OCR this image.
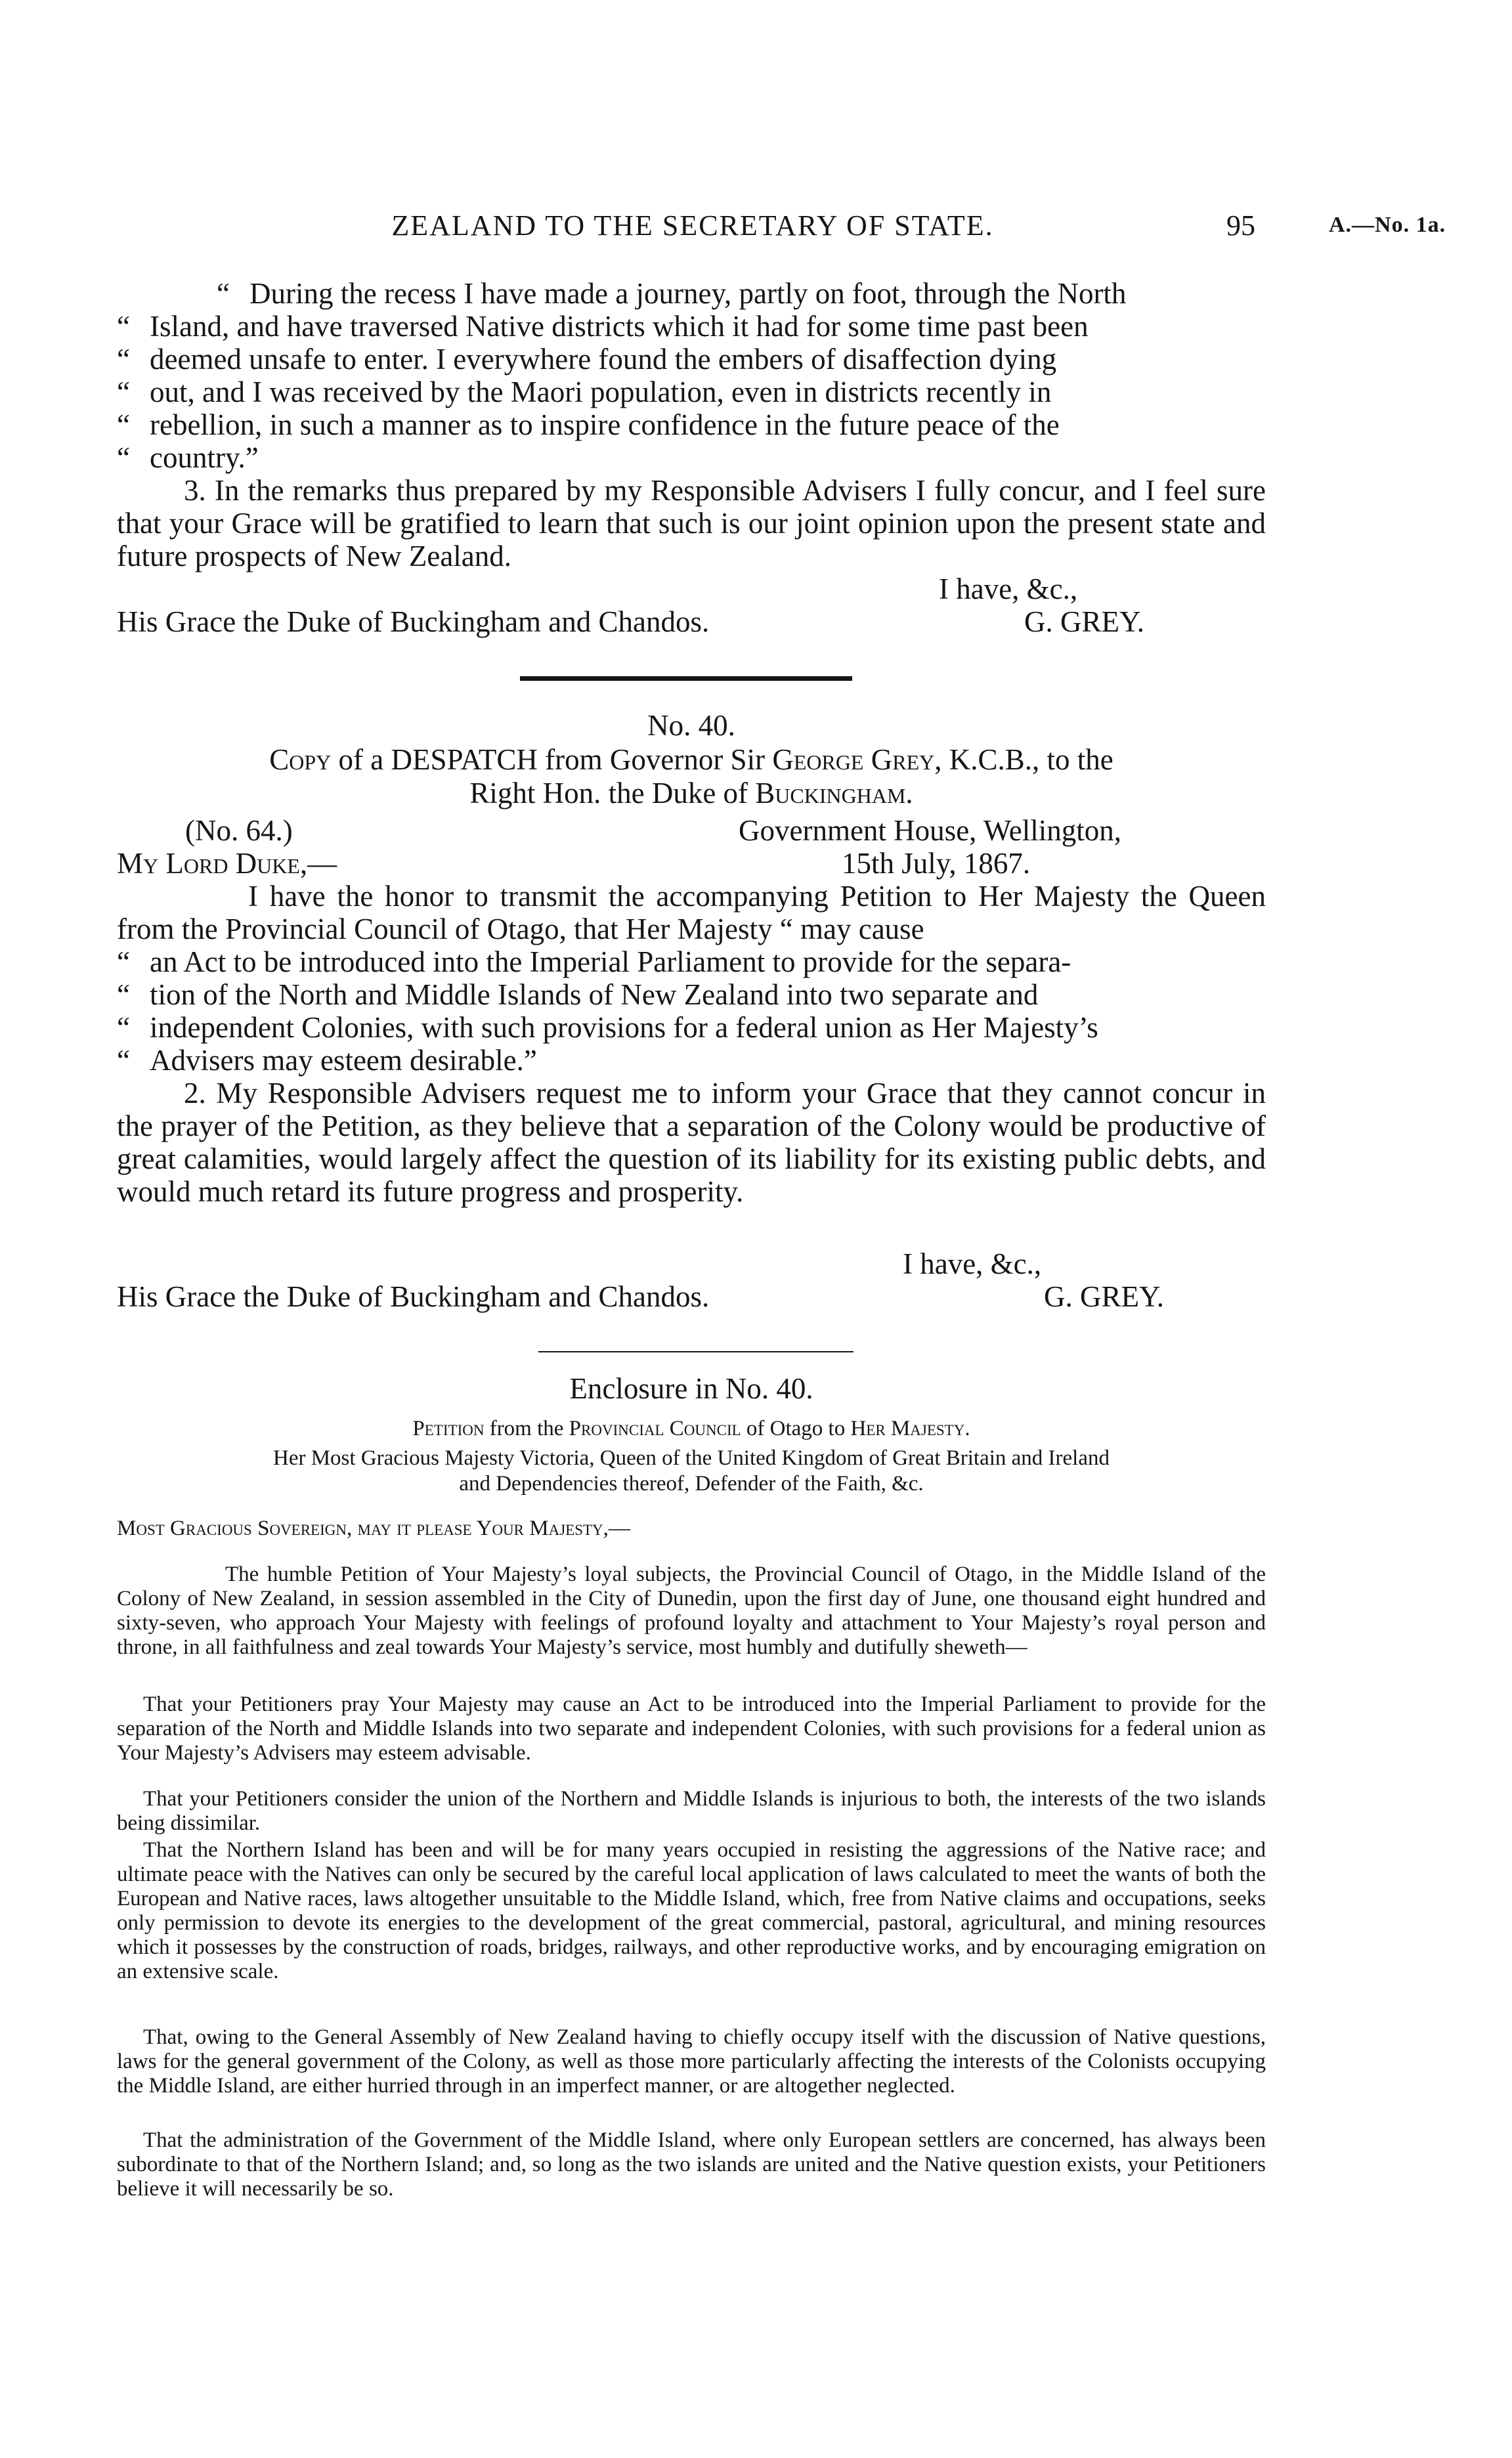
ZEALAND TO THE SECRETARY OF STATE.	95	A.—No. 1a.
“ During the recess I have made a journey, partly on foot, through the North
“ Island, and have traversed Native districts which it had for some time past been
“ deemed unsafe to enter. I everywhere found the embers of disaffection dying
“ out, and I was received by the Maori population, even in districts recently in
“ rebellion, in such a manner as to inspire confidence in the future peace of the
“ country.”

3. In the remarks thus prepared by my Responsible Advisers I fully concur, and I feel sure that your Grace will be gratified to learn that such is our joint opinion upon the present state and future prospects of New Zealand.

I have, &c.,
His Grace the Duke of Buckingham and Chandos.	G. GREY.
No. 40.
Copy of a DESPATCH from Governor Sir George Grey, K.C.B., to the
Right Hon. the Duke of Buckingham.
(No. 64.)	Government House, Wellington,
My Lord Duke,—	15th July, 1867.

I have the honor to transmit the accompanying Petition to Her Majesty the Queen from the Provincial Council of Otago, that Her Majesty “ may cause

“ an Act to be introduced into the Imperial Parliament to provide for the separa-
“ tion of the North and Middle Islands of New Zealand into two separate and
“ independent Colonies, with such provisions for a federal union as Her Majesty’s
“ Advisers may esteem desirable.”

2. My Responsible Advisers request me to inform your Grace that they cannot concur in the prayer of the Petition, as they believe that a separation of the Colony would be productive of great calamities, would largely affect the question of its liability for its existing public debts, and would much retard its future progress and prosperity.

I have, &c.,
His Grace the Duke of Buckingham and Chandos.	G. GREY.
Enclosure in No. 40.
Petition from the Provincial Council of Otago to Her Majesty.
Her Most Gracious Majesty Victoria, Queen of the United Kingdom of Great Britain and Ireland
and Dependencies thereof, Defender of the Faith, &c.
Most Gracious Sovereign, may it please Your Majesty,—

The humble Petition of Your Majesty’s loyal subjects, the Provincial Council of Otago, in the Middle Island of the Colony of New Zealand, in session assembled in the City of Dunedin, upon the first day of June, one thousand eight hundred and sixty-seven, who approach Your Majesty with feelings of profound loyalty and attachment to Your Majesty’s royal person and throne, in all faithfulness and zeal towards Your Majesty’s service, most humbly and dutifully sheweth—

That your Petitioners pray Your Majesty may cause an Act to be introduced into the Imperial Parliament to provide for the separation of the North and Middle Islands into two separate and independent Colonies, with such provisions for a federal union as Your Majesty’s Advisers may esteem advisable.

That your Petitioners consider the union of the Northern and Middle Islands is injurious to both, the interests of the two islands being dissimilar.

That the Northern Island has been and will be for many years occupied in resisting the aggressions of the Native race; and ultimate peace with the Natives can only be secured by the careful local application of laws calculated to meet the wants of both the European and Native races, laws altogether unsuitable to the Middle Island, which, free from Native claims and occupations, seeks only permission to devote its energies to the development of the great commercial, pastoral, agricultural, and mining resources which it possesses by the construction of roads, bridges, railways, and other reproductive works, and by encouraging emigration on an extensive scale.

That, owing to the General Assembly of New Zealand having to chiefly occupy itself with the discussion of Native questions, laws for the general government of the Colony, as well as those more particularly affecting the interests of the Colonists occupying the Middle Island, are either hurried through in an imperfect manner, or are altogether neglected.

That the administration of the Government of the Middle Island, where only European settlers are concerned, has always been subordinate to that of the Northern Island; and, so long as the two islands are united and the Native question exists, your Petitioners believe it will necessarily be so.
